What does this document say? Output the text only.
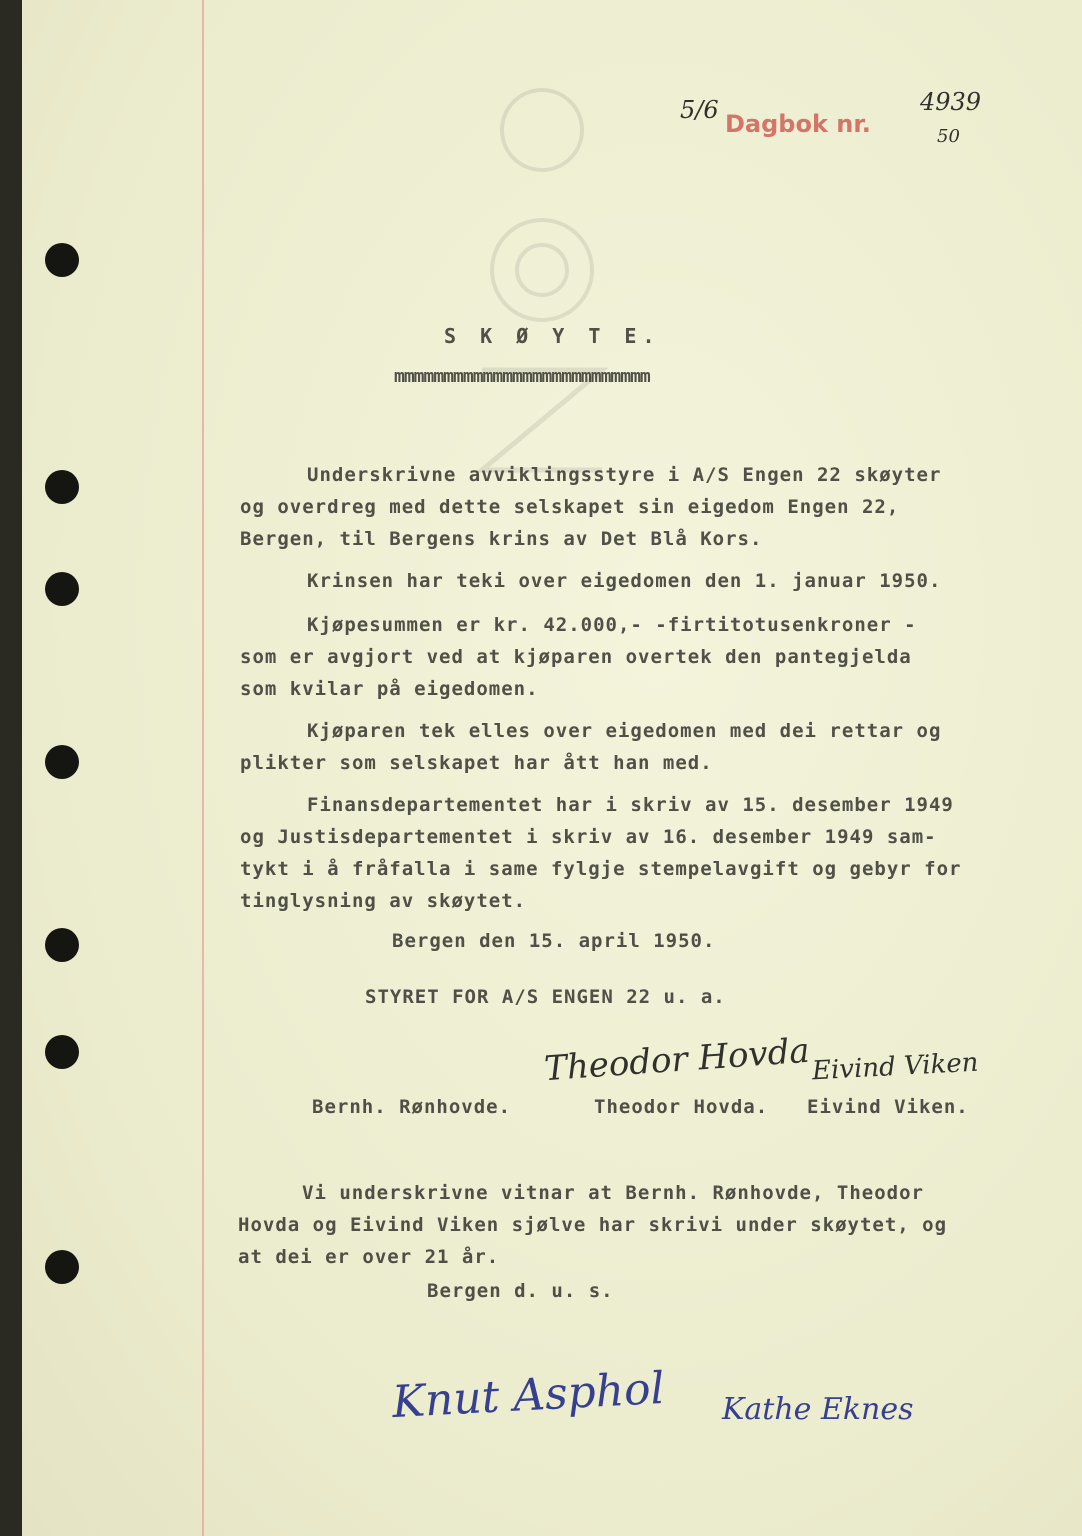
5/6 Dagbok nr.
4939
50
S K Ø Y T E.
mmmmmmmmmmmmmmmmmmmmmmmmmm
Underskrivne avviklingsstyre i A/S Engen 22 skøyter
og overdreg med dette selskapet sin eigedom Engen 22,
Bergen, til Bergens krins av Det Blå Kors.
Krinsen har teki over eigedomen den 1. januar 1950.
Kjøpesummen er kr. 42.000,- -firtitotusenkroner -
som er avgjort ved at kjøparen overtek den pantegjelda
som kvilar på eigedomen.
Kjøparen tek elles over eigedomen med dei rettar og
plikter som selskapet har ått han med.
Finansdepartementet har i skriv av 15. desember 1949
og Justisdepartementet i skriv av 16. desember 1949 sam-
tykt i å fråfalla i same fylgje stempelavgift og gebyr for
tinglysning av skøytet.
Bergen den 15. april 1950.
STYRET FOR A/S ENGEN 22 u. a.
Theodor Hovda Eivind Viken
Bernh. Rønhovde.	Theodor Hovda. Eivind Viken.
Vi underskrivne vitnar at Bernh. Rønhovde, Theodor
Hovda og Eivind Viken sjølve har skrivi under skøytet, og
at dei er over 21 år.
Bergen d. u. s.
Knut Asphol Kathe Eknes
